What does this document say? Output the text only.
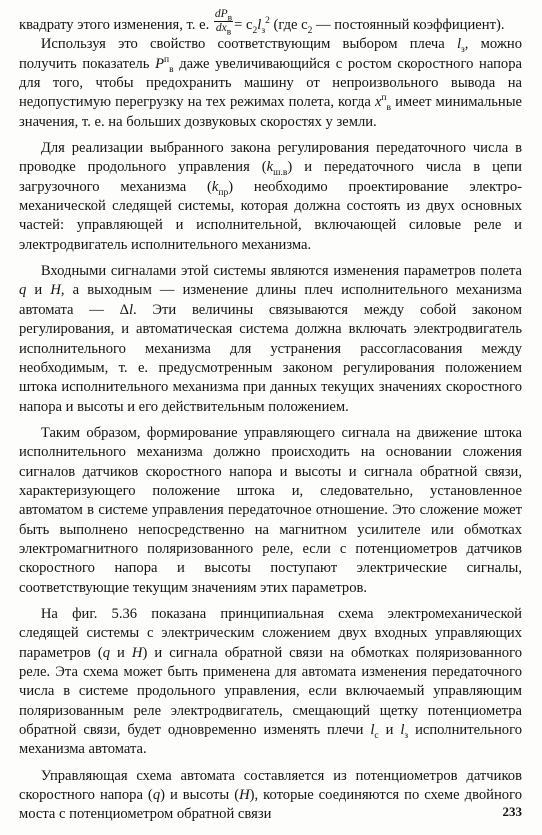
квадрату этого изменения, т. е. $\frac{dP_в}{dx_в} = c_2l_з^2$ (где $c_2$ — постоянный коэффициент).

Используя это свойство соответствующим выбором плеча $l_з$, можно получить показатель $P^п_в$ даже увеличивающийся с ростом скоростного напора для того, чтобы предохранить машину от непроизвольного вывода на недопустимую перегрузку на тех режимах полета, когда $x^п_в$ имеет минимальные значения, т. е. на больших дозвуковых скоростях у земли.

Для реализации выбранного закона регулирования передаточного числа в проводке продольного управления $(k_{ш.в})$ и передаточного числа в цепи загрузочного механизма $(k_{пр})$ необходимо проектирование электро-механической следящей системы, которая должна состоять из двух основных частей: управляющей и исполнительной, включающей силовые реле и электродвигатель исполнительного механизма.

Входными сигналами этой системы являются изменения параметров полета q и H, а выходным — изменение длины плеч исполнительного механизма автомата — Δl. Эти величины связываются между собой законом регулирования, и автоматическая система должна включать электродвигатель исполнительного механизма для устранения рассогласования между необходимым, т. е. предусмотренным законом регулирования положением штока исполнительного механизма при данных текущих значениях скоростного напора и высоты и его действительным положением.

Таким образом, формирование управляющего сигнала на движение штока исполнительного механизма должно происходить на основании сложения сигналов датчиков скоростного напора и высоты и сигнала обратной связи, характеризующего положение штока и, следовательно, установленное автоматом в системе управления передаточное отношение. Это сложение может быть выполнено непосредственно на магнитном усилителе или обмотках электромагнитного поляризованного реле, если с потенциометров датчиков скоростного напора и высоты поступают электрические сигналы, соответствующие текущим значениям этих параметров.

На фиг. 5.36 показана принципиальная схема электромеханической следящей системы с электрическим сложением двух входных управляющих параметров (q и H) и сигнала обратной связи на обмотках поляризованного реле. Эта схема может быть применена для автомата изменения передаточного числа в системе продольного управления, если включаемый управляющим поляризованным реле электродвигатель, смещающий щетку потенциометра обратной связи, будет одновременно изменять плечи $l_с$ и $l_з$ исполнительного механизма автомата.

Управляющая схема автомата составляется из потенциометров датчиков скоростного напора (q) и высоты (H), которые соединяются по схеме двойного моста с потенциометром обратной связи	233
